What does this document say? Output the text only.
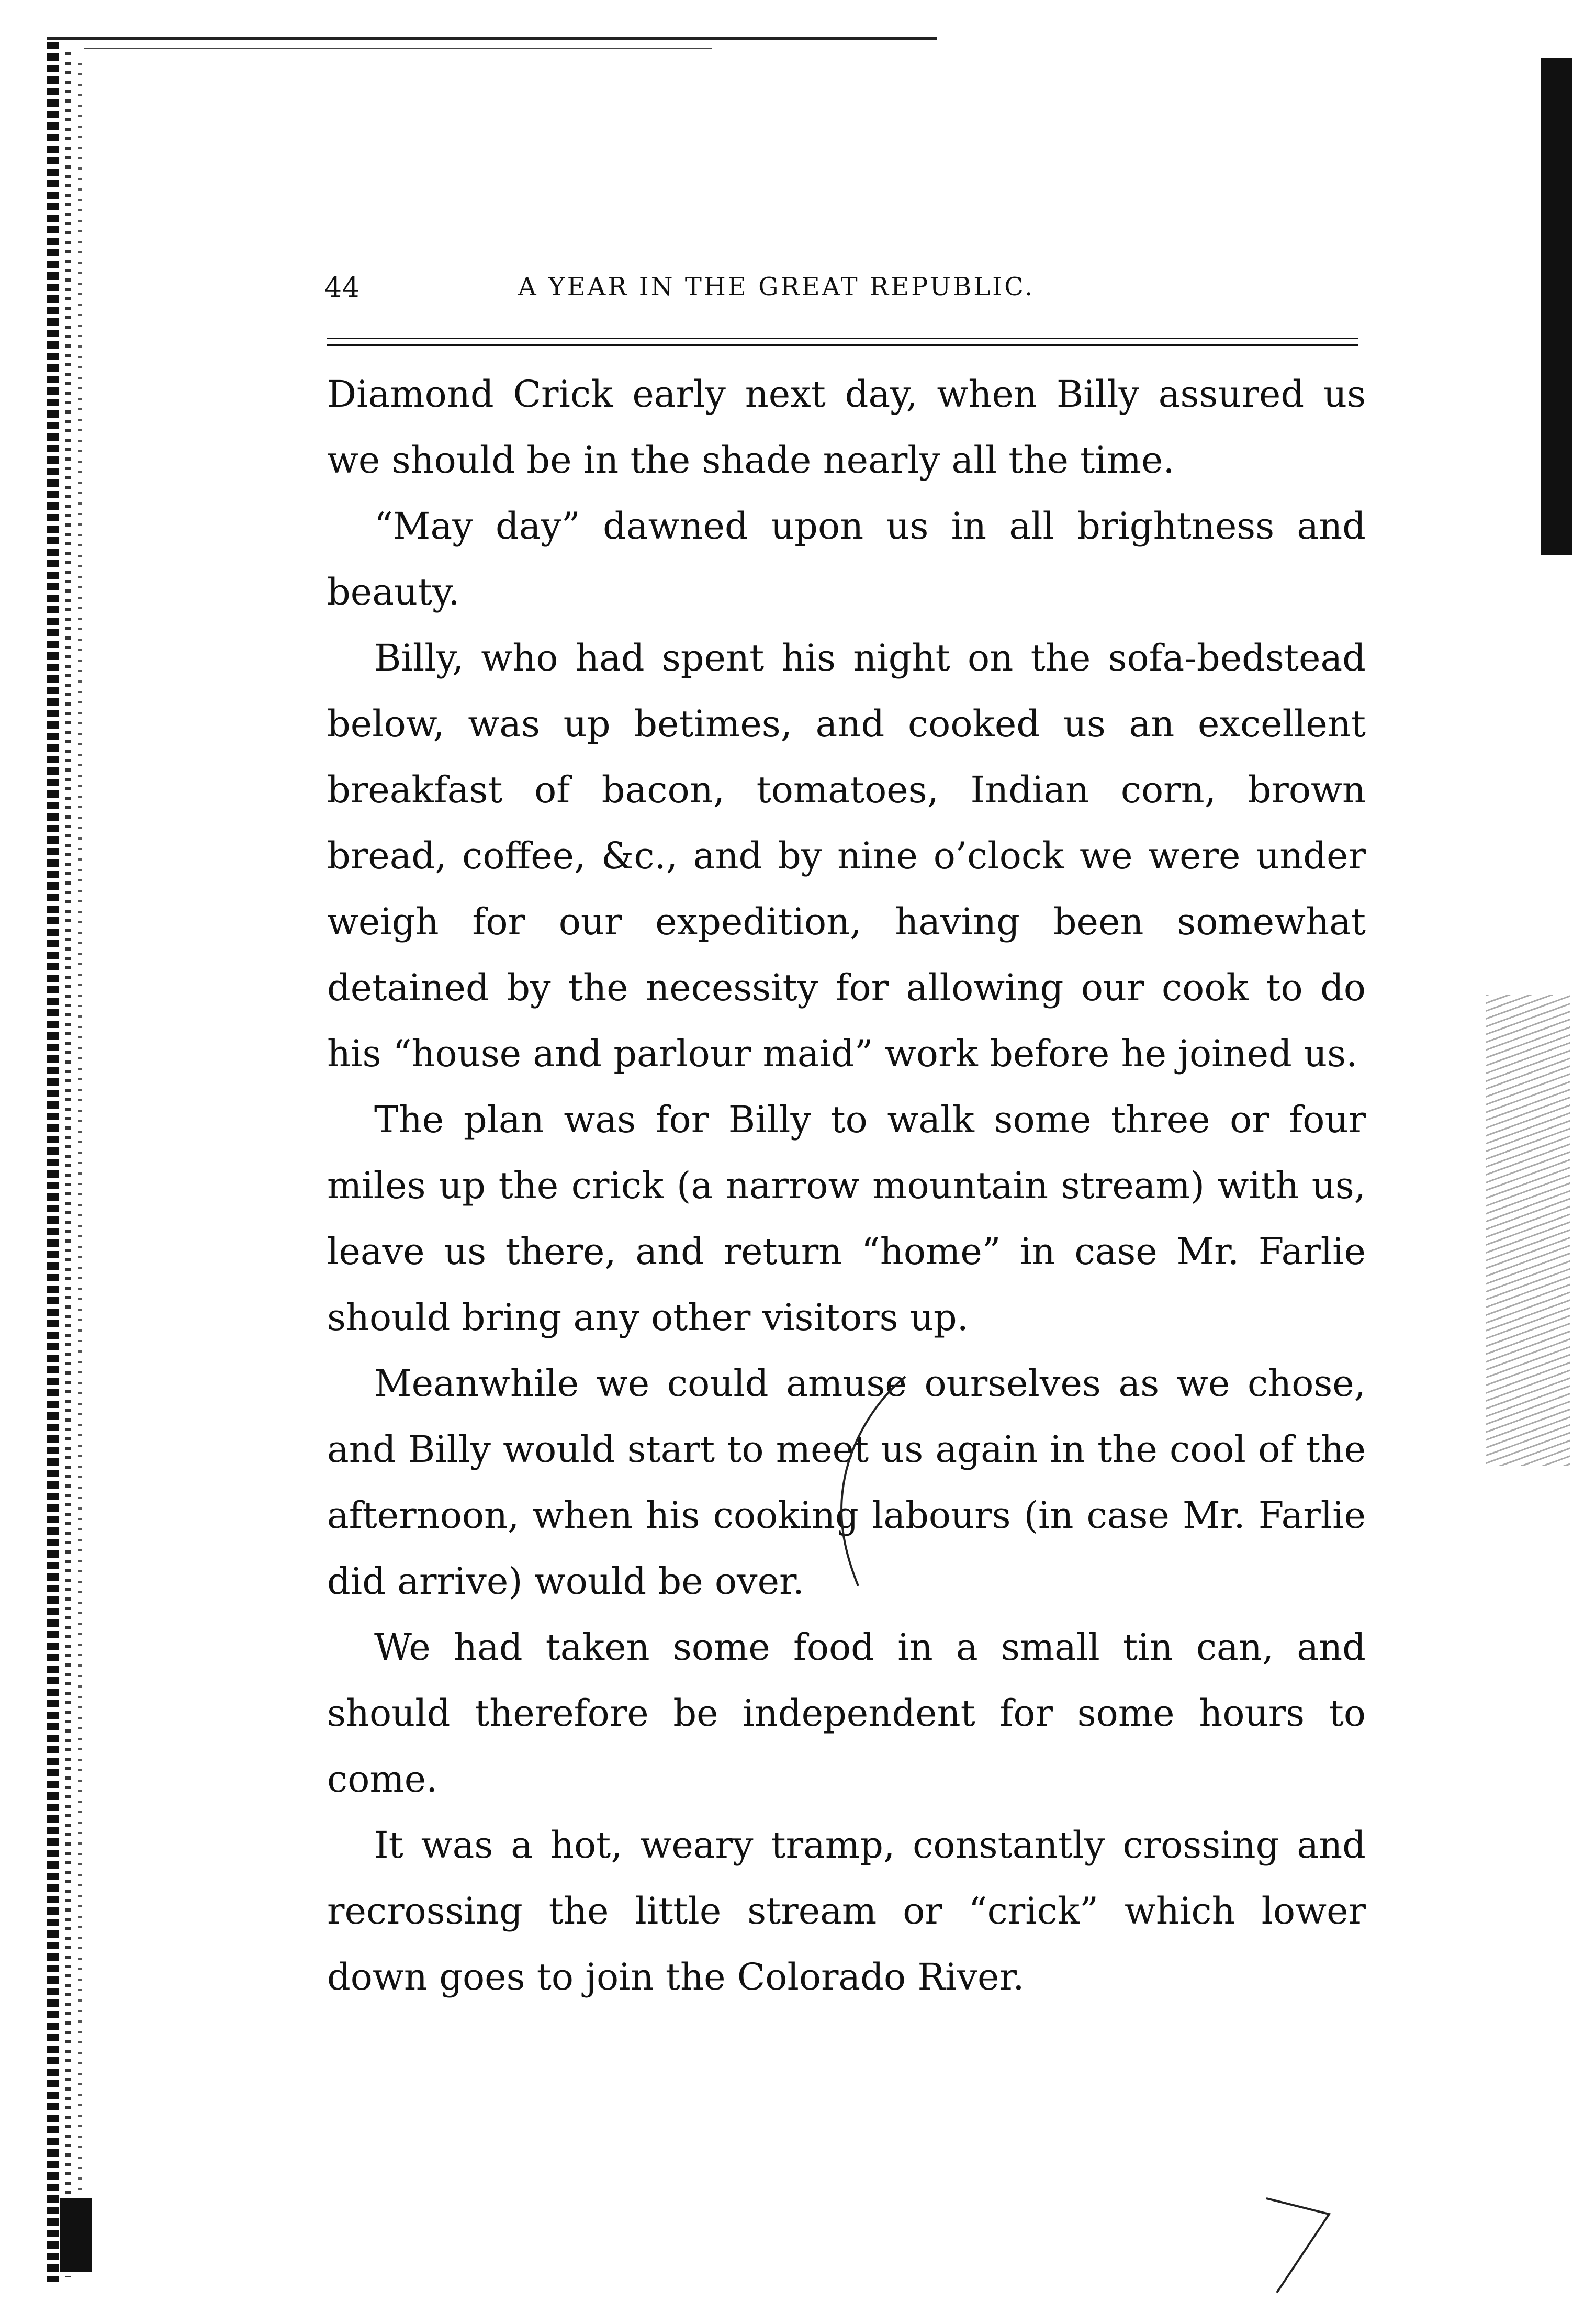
44	A YEAR IN THE GREAT REPUBLIC.

Diamond Crick early next day, when Billy assured us we should be in the shade nearly all the time.

“May day” dawned upon us in all brightness and beauty.

Billy, who had spent his night on the sofa-bedstead below, was up betimes, and cooked us an excellent breakfast of bacon, tomatoes, Indian corn, brown bread, coffee, &c., and by nine o’clock we were under weigh for our expedition, having been somewhat detained by the necessity for allowing our cook to do his “house and parlour maid” work before he joined us.

The plan was for Billy to walk some three or four miles up the crick (a narrow mountain stream) with us, leave us there, and return “home” in case Mr. Farlie should bring any other visitors up.

Meanwhile we could amuse ourselves as we chose, and Billy would start to meet us again in the cool of the afternoon, when his cooking labours (in case Mr. Farlie did arrive) would be over.

We had taken some food in a small tin can, and should therefore be independent for some hours to come.

It was a hot, weary tramp, constantly crossing and recrossing the little stream or “crick” which lower down goes to join the Colorado River.
